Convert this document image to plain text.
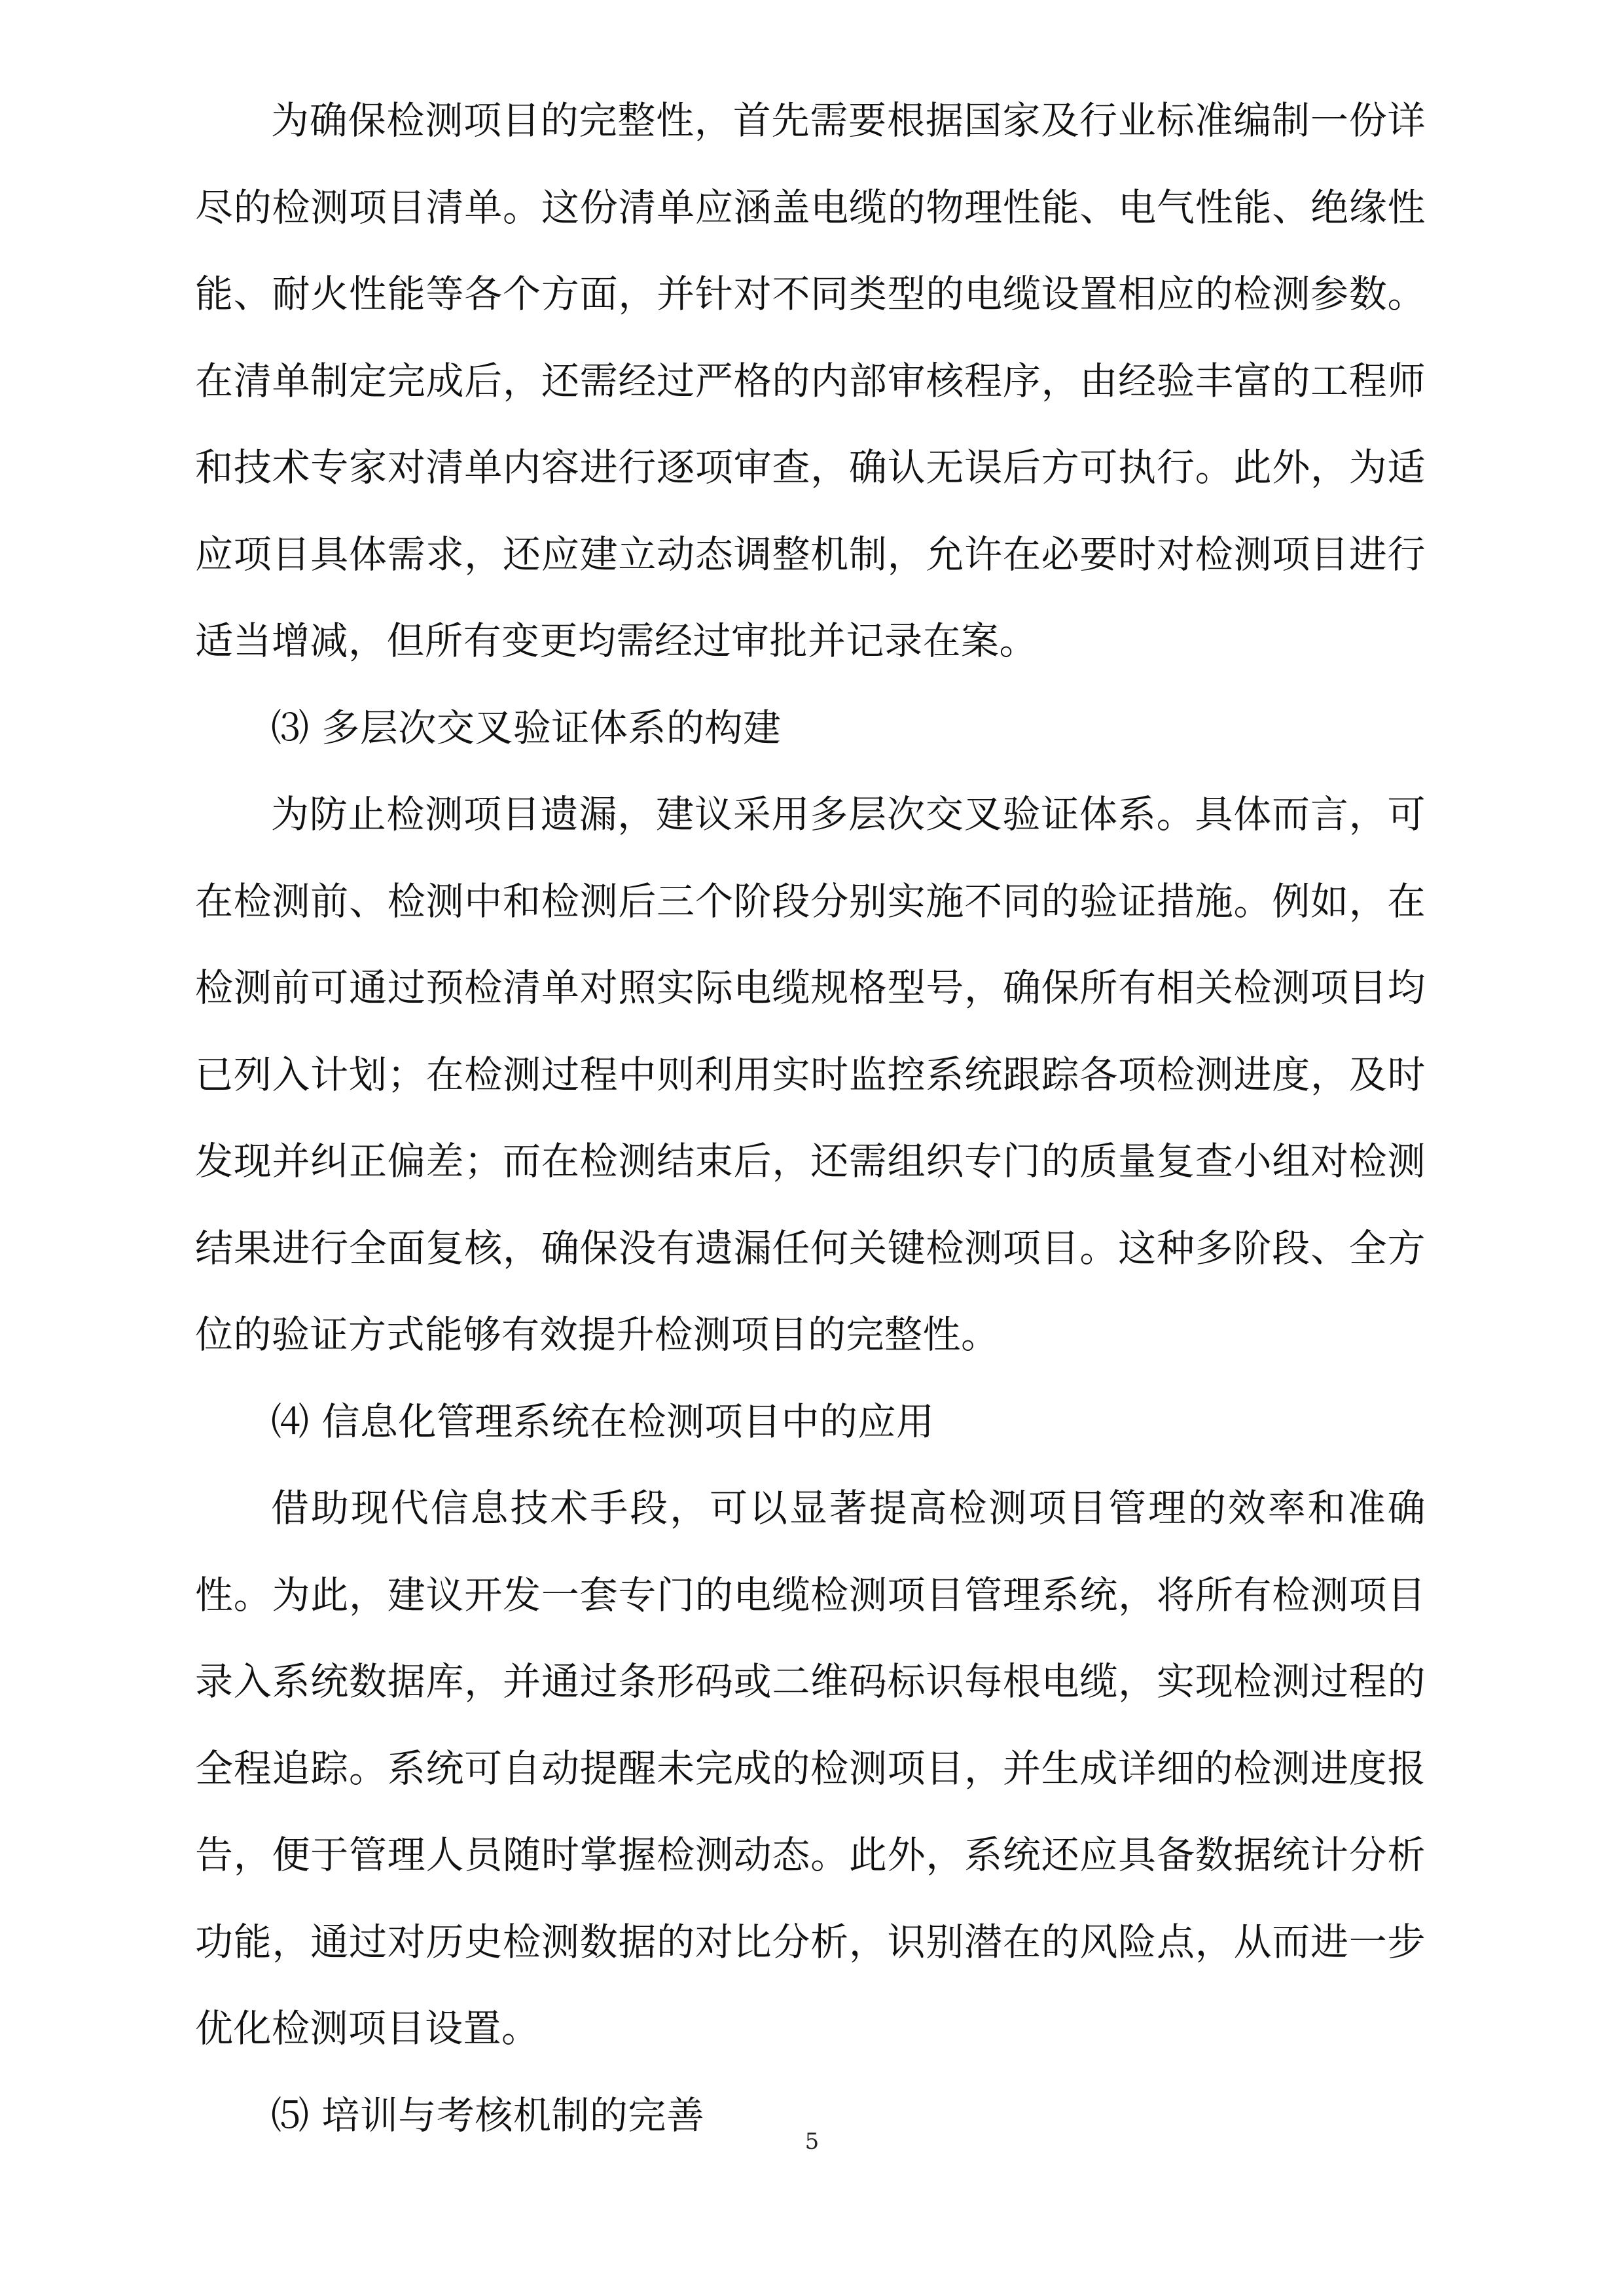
为确保检测项目的完整性，首先需要根据国家及行业标准编制一份详尽的检测项目清单。这份清单应涵盖电缆的物理性能、电气性能、绝缘性能、耐火性能等各个方面，并针对不同类型的电缆设置相应的检测参数。在清单制定完成后，还需经过严格的内部审核程序，由经验丰富的工程师和技术专家对清单内容进行逐项审查，确认无误后方可执行。此外，为适应项目具体需求，还应建立动态调整机制，允许在必要时对检测项目进行适当增减，但所有变更均需经过审批并记录在案。

⑶ 多层次交叉验证体系的构建

为防止检测项目遗漏，建议采用多层次交叉验证体系。具体而言，可在检测前、检测中和检测后三个阶段分别实施不同的验证措施。例如，在检测前可通过预检清单对照实际电缆规格型号，确保所有相关检测项目均已列入计划；在检测过程中则利用实时监控系统跟踪各项检测进度，及时发现并纠正偏差；而在检测结束后，还需组织专门的质量复查小组对检测结果进行全面复核，确保没有遗漏任何关键检测项目。这种多阶段、全方位的验证方式能够有效提升检测项目的完整性。

⑷ 信息化管理系统在检测项目中的应用

借助现代信息技术手段，可以显著提高检测项目管理的效率和准确性。为此，建议开发一套专门的电缆检测项目管理系统，将所有检测项目录入系统数据库，并通过条形码或二维码标识每根电缆，实现检测过程的全程追踪。系统可自动提醒未完成的检测项目，并生成详细的检测进度报告，便于管理人员随时掌握检测动态。此外，系统还应具备数据统计分析功能，通过对历史检测数据的对比分析，识别潜在的风险点，从而进一步优化检测项目设置。

⑸ 培训与考核机制的完善

5
